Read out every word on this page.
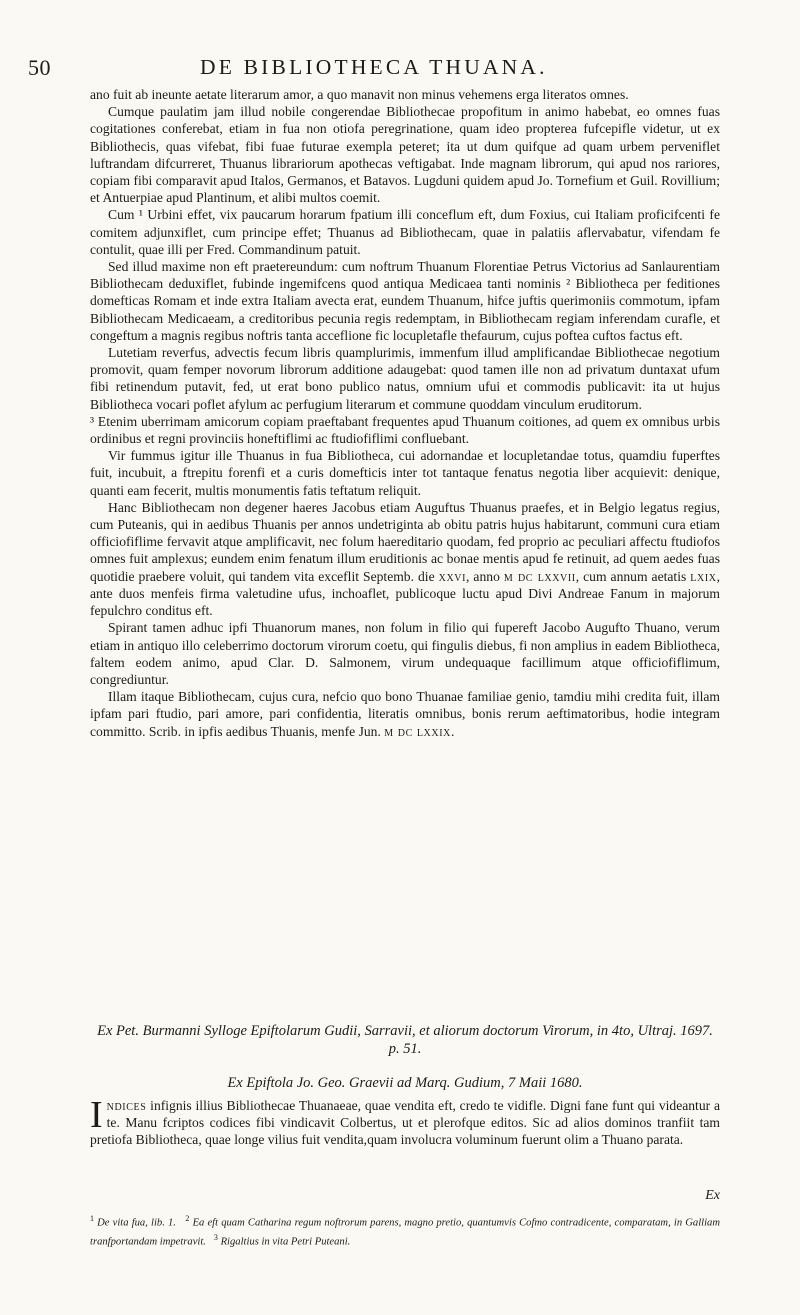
50	DE BIBLIOTHECA THUANA.

ano fuit ab ineunte aetate literarum amor, a quo manavit non minus vehemens erga literatos omnes.

Cumque paulatim jam illud nobile congerendae Bibliothecae propofitum in animo habebat, eo omnes fuas cogitationes conferebat, etiam in fua non otiofa peregrinatione, quam ideo propterea fufcepifle videtur, ut ex Bibliothecis, quas vifebat, fibi fuae futurae exempla peteret; ita ut dum quifque ad quam urbem perveniflet luftrandam difcurreret, Thuanus librariorum apothecas veftigabat. Inde magnam librorum, qui apud nos rariores, copiam fibi comparavit apud Italos, Germanos, et Batavos. Lugduni quidem apud Jo. Tornefium et Guil. Rovillium; et Antuerpiae apud Plantinum, et alibi multos coemit.

Cum ¹ Urbini effet, vix paucarum horarum fpatium illi conceflum eft, dum Foxius, cui Italiam proficifcenti fe comitem adjunxiflet, cum principe effet; Thuanus ad Bibliothecam, quae in palatiis aflervabatur, vifendam fe contulit, quae illi per Fred. Commandinum patuit.

Sed illud maxime non eft praetereundum: cum noftrum Thuanum Florentiae Petrus Victorius ad Sanlaurentiam Bibliothecam deduxiflet, fubinde ingemifcens quod antiqua Medicaea tanti nominis ² Bibliotheca per feditiones domefticas Romam et inde extra Italiam avecta erat, eundem Thuanum, hifce juftis querimoniis commotum, ipfam Bibliothecam Medicaeam, a creditoribus pecunia regis redemptam, in Bibliothecam regiam inferendam curafle, et congeftum a magnis regibus noftris tanta acceflione fic locupletafle thefaurum, cujus poftea cuftos factus eft.

Lutetiam reverfus, advectis fecum libris quamplurimis, immenfum illud amplificandae Bibliothecae negotium promovit, quam femper novorum librorum additione adaugebat: quod tamen ille non ad privatum duntaxat ufum fibi retinendum putavit, fed, ut erat bono publico natus, omnium ufui et commodis publicavit: ita ut hujus Bibliotheca vocari poflet afylum ac perfugium literarum et commune quoddam vinculum eruditorum.

³ Etenim uberrimam amicorum copiam praeftabant frequentes apud Thuanum coitiones, ad quem ex omnibus urbis ordinibus et regni provinciis honeftiflimi ac ftudiofiflimi confluebant.

Vir fummus igitur ille Thuanus in fua Bibliotheca, cui adornandae et locupletandae totus, quamdiu fuperftes fuit, incubuit, a ftrepitu forenfi et a curis domefticis inter tot tantaque fenatus negotia liber acquievit: denique, quanti eam fecerit, multis monumentis fatis teftatum reliquit.

Hanc Bibliothecam non degener haeres Jacobus etiam Auguftus Thuanus praefes, et in Belgio legatus regius, cum Puteanis, qui in aedibus Thuanis per annos undetriginta ab obitu patris hujus habitarunt, communi cura etiam officiofiflime fervavit atque amplificavit, nec folum haereditario quodam, fed proprio ac peculiari affectu ftudiofos omnes fuit amplexus; eundem enim fenatum illum eruditionis ac bonae mentis apud fe retinuit, ad quem aedes fuas quotidie praebere voluit, qui tandem vita exceflit Septemb. die xxvi, anno m dc lxxvii, cum annum aetatis lxix, ante duos menfeis firma valetudine ufus, inchoaflet, publicoque luctu apud Divi Andreae Fanum in majorum fepulchro conditus eft.

Spirant tamen adhuc ipfi Thuanorum manes, non folum in filio qui fupereft Jacobo Augufto Thuano, verum etiam in antiquo illo celeberrimo doctorum virorum coetu, qui fingulis diebus, fi non amplius in eadem Bibliotheca, faltem eodem animo, apud Clar. D. Salmonem, virum undequaque facillimum atque officiofiflimum, congrediuntur.

Illam itaque Bibliothecam, cujus cura, nefcio quo bono Thuanae familiae genio, tamdiu mihi credita fuit, illam ipfam pari ftudio, pari amore, pari confidentia, literatis omnibus, bonis rerum aeftimatoribus, hodie integram committo. Scrib. in ipfis aedibus Thuanis, menfe Jun. m dc lxxix.

Ex Pet. Burmanni Sylloge Epiftolarum Gudii, Sarravii, et aliorum doctorum Virorum, in 4to, Ultraj. 1697. p. 51.
Ex Epiftola Jo. Geo. Graevii ad Marq. Gudium, 7 Maii 1680.
Indices infignis illius Bibliothecae Thuanaeae, quae vendita eft, credo te vidifle. Digni fane funt qui videantur a te. Manu fcriptos codices fibi vindicavit Colbertus, ut et plerofque editos. Sic ad alios dominos tranfiit tam pretiofa Bibliotheca, quae longe vilius fuit vendita,quam involucra voluminum fuerunt olim a Thuano parata.
Ex
$^1$ De vita fua, lib. 1. $^2$ Ea eft quam Catharina regum noftrorum parens, magno pretio, quantumvis Cofmo contradicente, comparatam, in Galliam tranfportandam impetravit. $^3$ Rigaltius in vita Petri Puteani.
